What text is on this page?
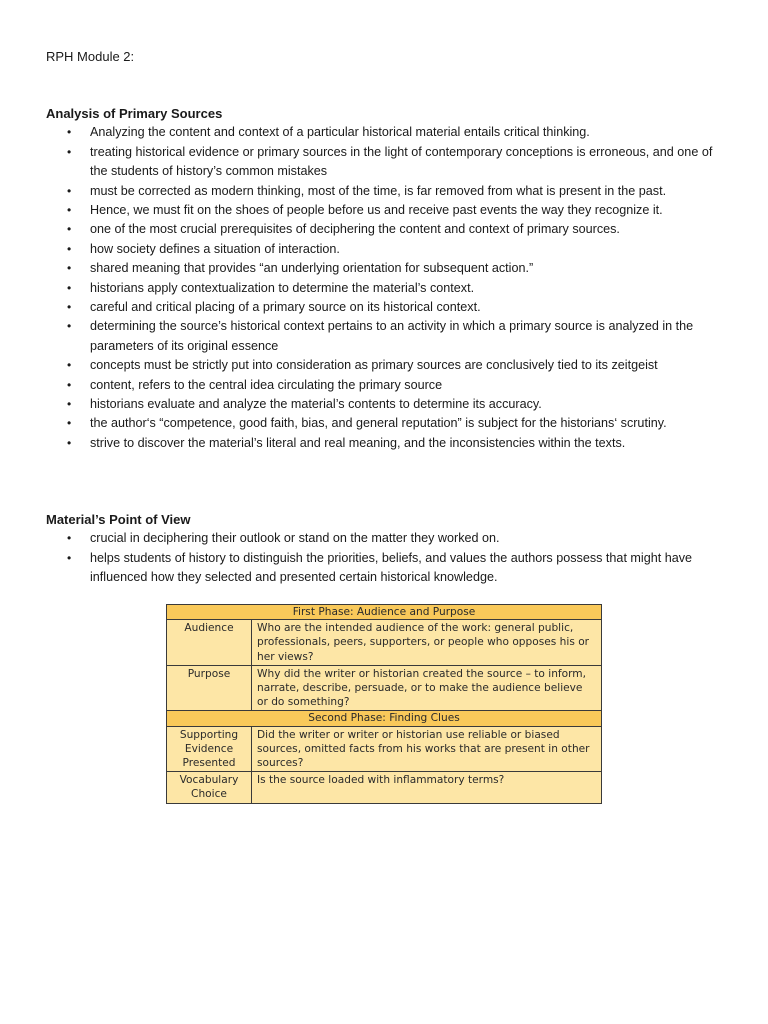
RPH Module 2:
Analysis of Primary Sources
• Analyzing the content and context of a particular historical material entails critical thinking.
• treating historical evidence or primary sources in the light of contemporary conceptions is erroneous, and one of the students of history’s common mistakes
• must be corrected as modern thinking, most of the time, is far removed from what is present in the past.
• Hence, we must fit on the shoes of people before us and receive past events the way they recognize it.
• one of the most crucial prerequisites of deciphering the content and context of primary sources.
• how society defines a situation of interaction.
• shared meaning that provides “an underlying orientation for subsequent action.”
• historians apply contextualization to determine the material’s context.
• careful and critical placing of a primary source on its historical context.
• determining the source’s historical context pertains to an activity in which a primary source is analyzed in the parameters of its original essence
• concepts must be strictly put into consideration as primary sources are conclusively tied to its zeitgeist
• content, refers to the central idea circulating the primary source
• historians evaluate and analyze the material’s contents to determine its accuracy.
• the author‘s “competence, good faith, bias, and general reputation” is subject for the historians‘ scrutiny.
• strive to discover the material’s literal and real meaning, and the inconsistencies within the texts.
Material’s Point of View
• crucial in deciphering their outlook or stand on the matter they worked on.
• helps students of history to distinguish the priorities, beliefs, and values the authors possess that might have influenced how they selected and presented certain historical knowledge.
First Phase: Audience and Purpose	
Audience	Who are the intended audience of the work: general public, professionals, peers, supporters, or people who opposes his or her views?
Purpose	Why did the writer or historian created the source – to inform, narrate, describe, persuade, or to make the audience believe or do something?
Second Phase: Finding Clues	
Supporting Evidence Presented	Did the writer or writer or historian use reliable or biased sources, omitted facts from his works that are present in other sources?
Vocabulary Choice	Is the source loaded with inflammatory terms?
